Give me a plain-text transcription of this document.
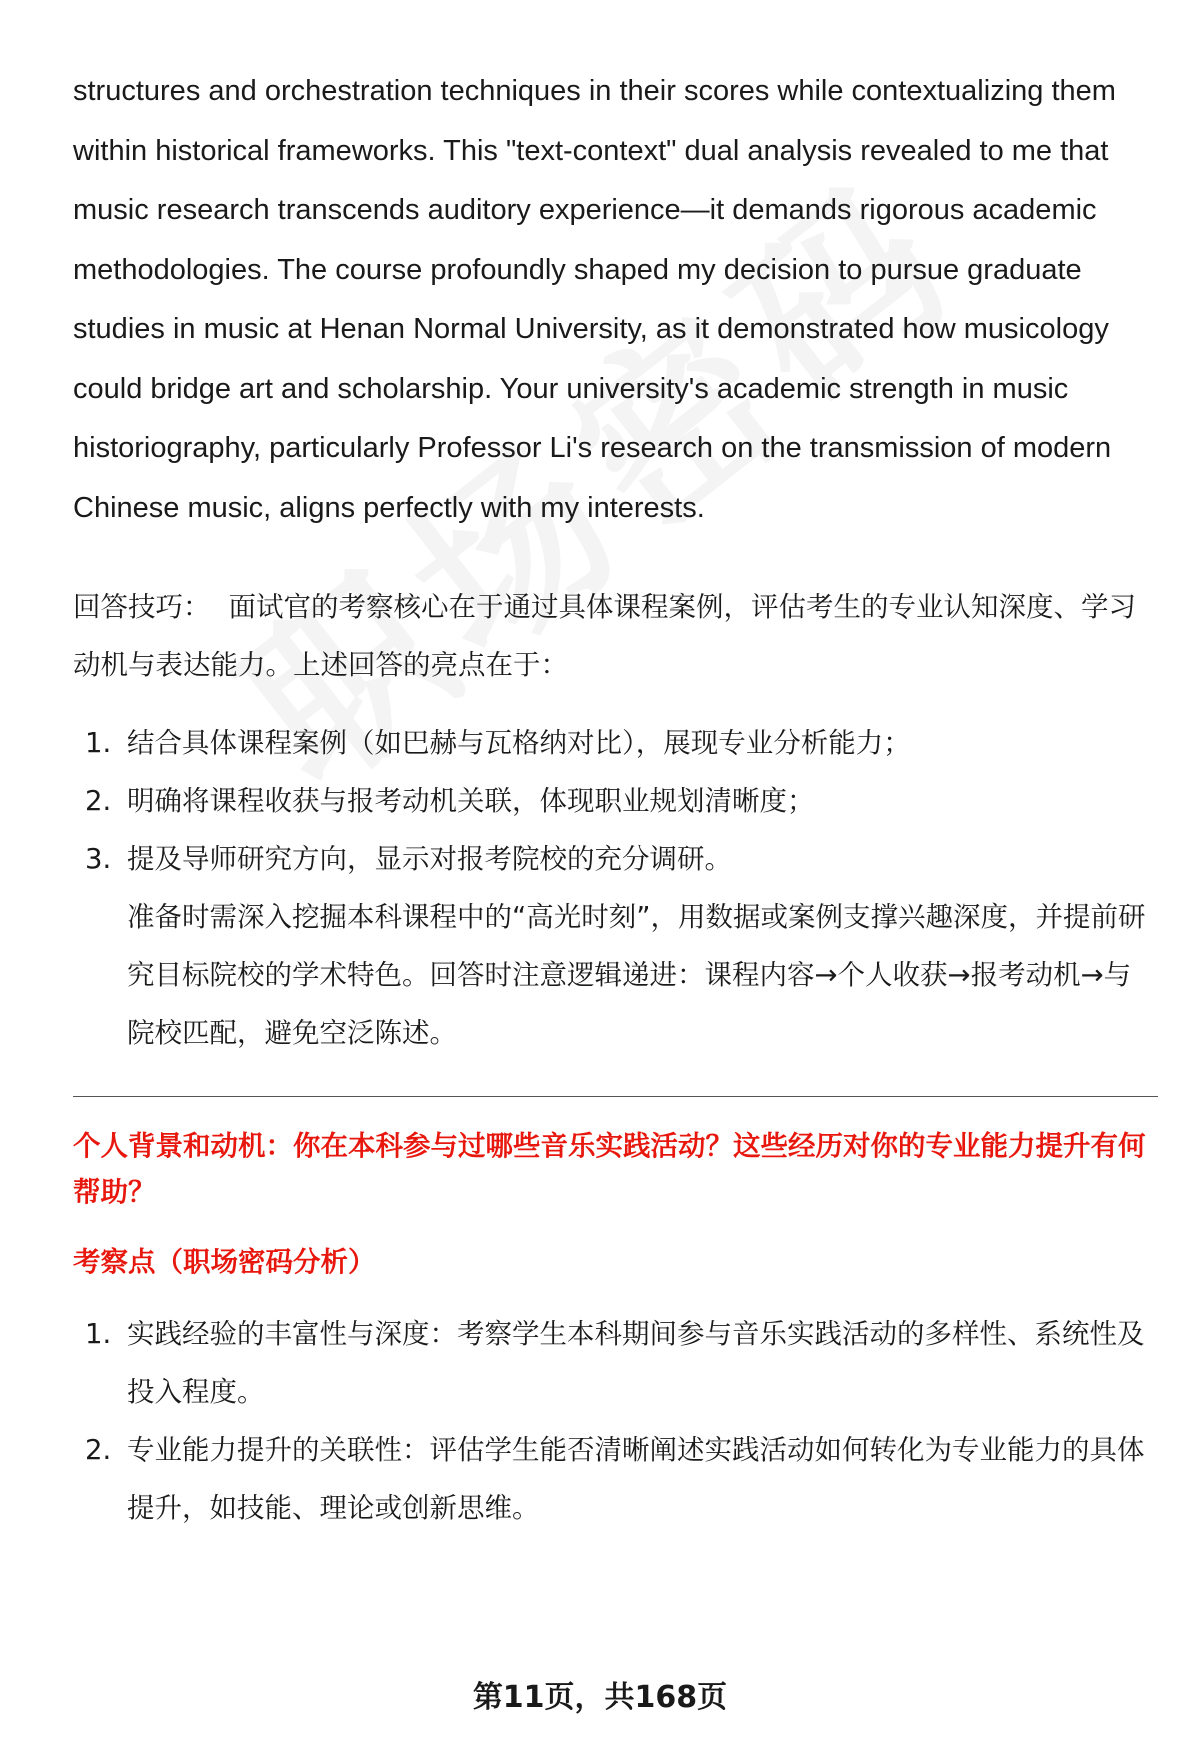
structures and orchestration techniques in their scores while contextualizing them within historical frameworks. This "text-context" dual analysis revealed to me that music research transcends auditory experience—it demands rigorous academic methodologies. The course profoundly shaped my decision to pursue graduate studies in music at Henan Normal University, as it demonstrated how musicology could bridge art and scholarship. Your university's academic strength in music historiography, particularly Professor Li's research on the transmission of modern Chinese music, aligns perfectly with my interests.

回答技巧： 面试官的考察核心在于通过具体课程案例，评估考生的专业认知深度、学习动机与表达能力。上述回答的亮点在于：

1. 结合具体课程案例（如巴赫与瓦格纳对比），展现专业分析能力；
2. 明确将课程收获与报考动机关联，体现职业规划清晰度；
3. 提及导师研究方向，显示对报考院校的充分调研。
准备时需深入挖掘本科课程中的“高光时刻”，用数据或案例支撑兴趣深度，并提前研究目标院校的学术特色。回答时注意逻辑递进：课程内容→个人收获→报考动机→与院校匹配，避免空泛陈述。
个人背景和动机：你在本科参与过哪些音乐实践活动？这些经历对你的专业能力提升有何帮助？
考察点（职场密码分析）
1. 实践经验的丰富性与深度：考察学生本科期间参与音乐实践活动的多样性、系统性及投入程度。
2. 专业能力提升的关联性：评估学生能否清晰阐述实践活动如何转化为专业能力的具体提升，如技能、理论或创新思维。
第11页，共168页
